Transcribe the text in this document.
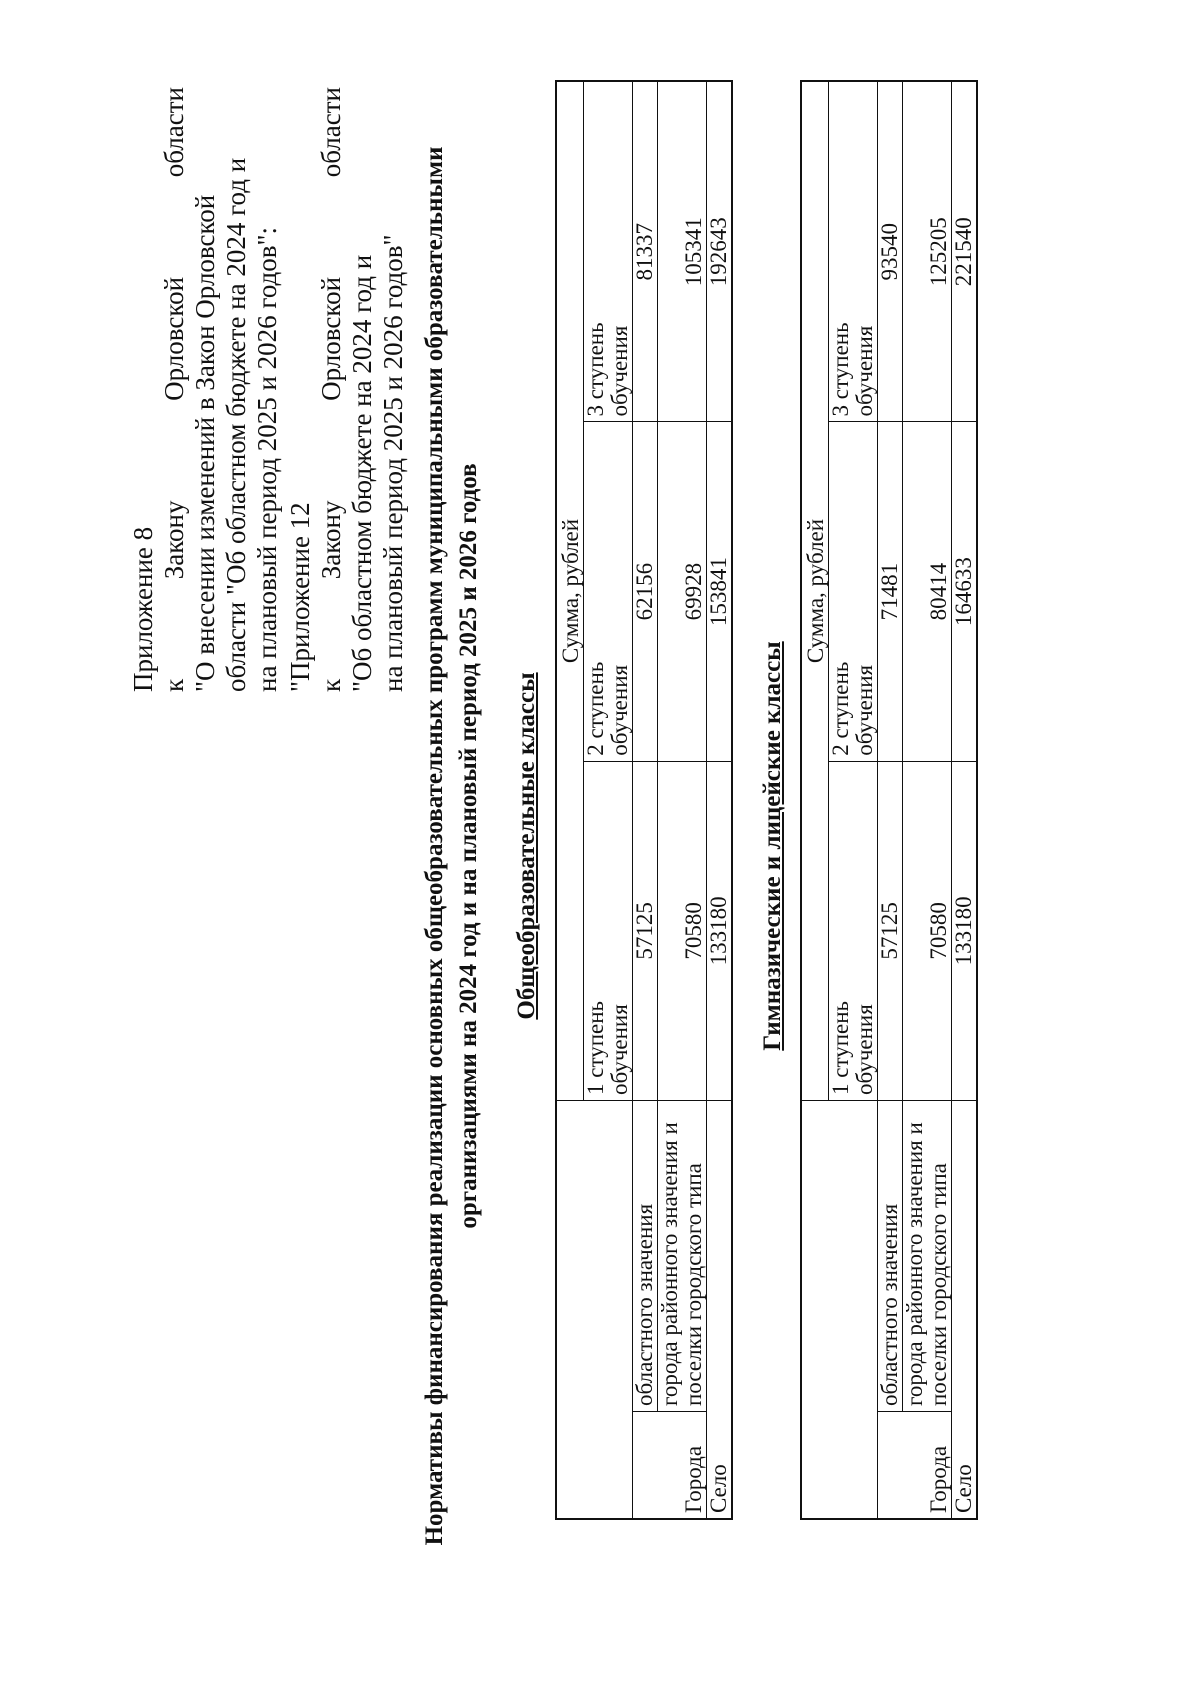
Приложение 8 к
Закону
Орловской
области
"О внесении изменений в Закон Орловской области "Об областном бюджете на 2024 год и на плановый период 2025 и 2026 годов": "Приложение 12 к
Закону
Орловской
области
"Об областном бюджете на 2024 год и на плановый период 2025 и 2026 годов" Нормативы финансирования реализации основных общеобразовательных программ муниципальными образовательными организациями на 2024 год и на плановый период 2025 и 2026 годов Общеобразовательные классы
		Сумма, рублей		
		1 ступень
обучения	2 ступень
обучения	3 ступень
обучения
Города	областного значения	57125	62156	81337
	города районного значения и поселки городского типа	70580	69928	105341
Село		133180	153841	192643
Гимназические и лицейские классы
		Сумма, рублей		
		1 ступень
обучения	2 ступень
обучения	3 ступень
обучения
Города	областного значения	57125	71481	93540
	города районного значения и поселки городского типа	70580	80414	125205
Село		133180	164633	221540
